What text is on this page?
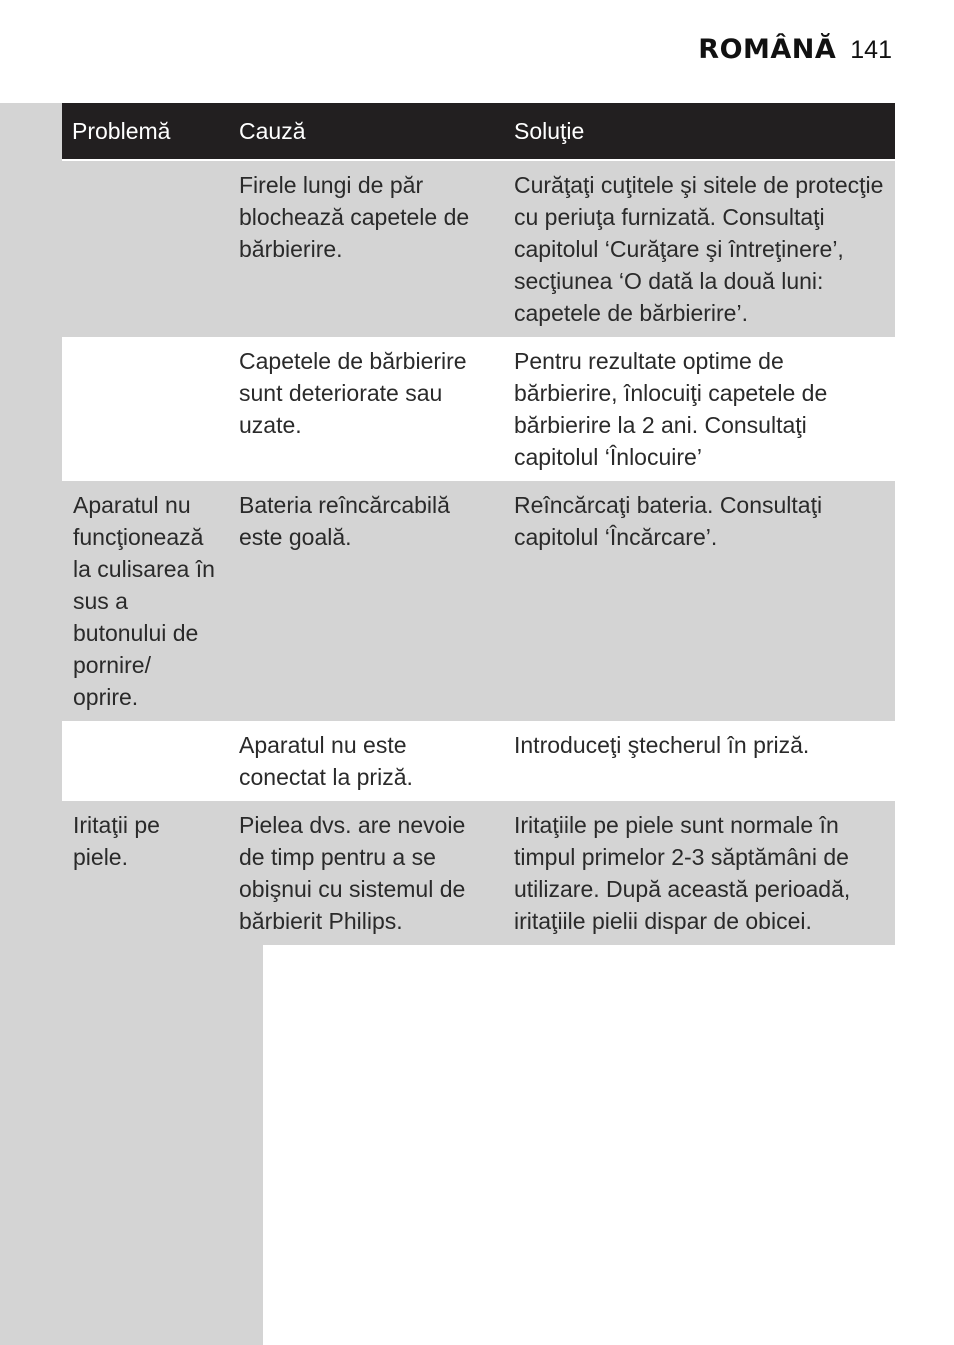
ROMÂNĂ 141
Problemă	Cauză	Soluţie
	Firele lungi de păr blochează capetele de bărbierire.	Curăţaţi cuţitele şi sitele de protecţie cu periuţa furnizată. Consultaţi capitolul ‘Curăţare şi întreţinere’, secţiunea ‘O dată la două luni: capetele de bărbierire’.
	Capetele de bărbierire sunt deteriorate sau uzate.	Pentru rezultate optime de bărbierire, înlocuiţi capetele de bărbierire la 2 ani. Consultaţi capitolul ‘Înlocuire’
Aparatul nu funcţionează la culisarea în sus a butonului de pornire/ oprire.	Bateria reîncărcabilă este goală.	Reîncărcaţi bateria. Consultaţi capitolul ‘Încărcare’.
	Aparatul nu este conectat la priză.	Introduceţi ştecherul în priză.
Iritaţii pe piele.	Pielea dvs. are nevoie de timp pentru a se obişnui cu sistemul de bărbierit Philips.	Iritaţiile pe piele sunt normale în timpul primelor 2-3 săptămâni de utilizare. După această perioadă, iritaţiile pielii dispar de obicei.
